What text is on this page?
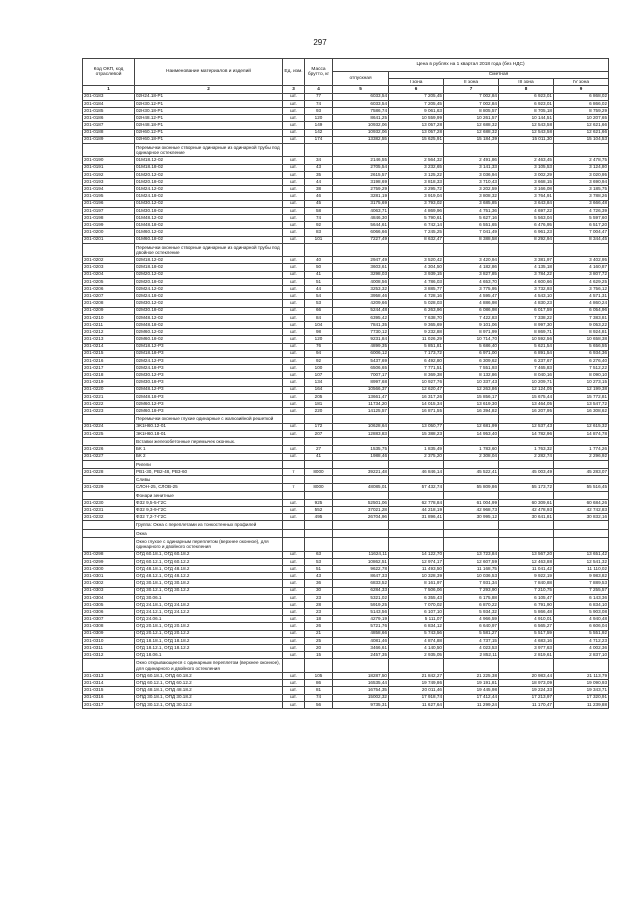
297
Код ОКП, код отраслевой	Наименование материалов и изделий	Ед. изм.	Масса брутто, кг	Цена в рублях на 1 квартал 2018 года (без НДС)				
				отпускная	Сметная			
					I зона	II зона	III зона	IV зона
1	2	3	4	5	6	7	8	9
201-0183	02Н24.18-Р1	шт.	77	6033,54	7 205,45	7 002,84	6 923,01	6 868,02
201-0184	02Н30.12-Р1	шт.	74	6033,54	7 205,45	7 002,84	6 923,01	6 866,02
201-0185	02Н30.18-Р1	шт.	93	7586,74	9 061,63	8 805,57	8 705,18	8 759,29
201-0186	02Н48.12-Р1	шт.	120	8641,25	10 559,99	10 261,57	10 144,51	10 207,65
201-0187	02Н48.18-Р1	шт.	149	10932,06	13 057,28	12 688,32	12 543,58	12 621,66
201-0188	02Н60.12-Р1	шт.	142	10932,06	13 057,28	12 688,32	12 543,58	12 621,66
201-0189	02Н60.18-Р1	шт.	174	13382,55	15 625,91	15 184,39	15 011,30	15 104,53
	Перемычки оконные створные одинарные из одинарной трубы под одинарное остекление							
201-0190	01М18.12-02	шт.	34	2146,55	2 564,32	2 491,86	2 463,45	2 478,75
201-0191	01М18.18-02	шт.	43	2705,54	3 232,65	3 141,33	3 105,53	3 124,80
201-0192	01М20.12-02	шт.	35	2615,57	3 125,22	3 036,94	3 002,29	3 020,95
201-0193	01М20.18-02	шт.	44	3198,69	3 818,33	3 710,43	3 668,15	3 690,94
201-0194	01М24.12-02	шт.	38	2759,29	3 295,72	3 202,59	3 166,08	3 185,75
201-0195	01М24.18-02	шт.	46	3281,19	3 919,04	3 808,32	3 764,91	3 788,26
201-0196	01М30.12-02	шт.	45	3175,69	3 793,02	3 685,85	3 643,84	3 666,48
201-0197	01М30.18-02	шт.	58	4063,71	4 869,96	4 751,36	4 697,22	4 726,39
201-0198	01М48.12-02	шт.	74	4846,30	5 790,61	5 627,16	5 563,04	5 597,60
201-0199	01М48.18-02	шт.	92	5644,61	6 742,14	6 551,65	6 476,95	6 517,20
201-0200	01М60.12-02	шт.	83	6066,66	7 245,25	7 041,49	6 961,23	7 004,47
201-0201	01М60.18-02	шт.	101	7227,49	8 632,47	8 388,58	8 292,94	8 344,45
	Перемычки оконные створные одинарные из одинарной трубы под двойное остекление							
201-0202	02М18.12-02	шт.	40	2947,49	3 520,42	3 420,94	3 381,97	3 402,95
201-0203	02М18.18-02	шт.	50	3603,61	4 304,50	4 182,86	4 135,18	4 160,87
201-0204	02М20.12-02	шт.	41	3298,03	3 939,15	3 827,85	3 784,22	3 807,72
201-0205	02М20.18-02	шт.	51	4008,56	4 786,03	4 653,70	4 600,66	4 629,25
201-0206	02М24.12-02	шт.	44	3253,32	3 885,77	3 775,95	3 732,93	3 756,12
201-0207	02М24.18-02	шт.	54	3958,46	4 728,16	4 595,47	4 543,10	4 571,31
201-0208	02М30.12-02	шт.	53	4209,66	5 028,03	4 886,98	4 830,23	4 860,24
201-0209	02М30.18-02	шт.	66	5244,48	6 263,96	6 086,98	6 017,59	6 054,96
201-0210	02М48.12-02	шт.	84	6395,42	7 638,70	7 422,83	7 338,22	7 383,81
201-0211	02М48.18-02	шт.	104	7841,35	9 365,69	9 101,06	8 997,30	9 053,22
201-0212	02М60.12-02	шт.	98	7730,12	9 232,88	8 971,99	8 869,71	8 924,81
201-0213	02М60.18-02	шт.	120	9231,84	11 026,29	10 714,70	10 592,56	10 658,38
201-0214	02М18.12-Р3	шт.	76	4899,35	5 851,81	5 686,40	5 621,54	5 656,55
201-0215	02М18.18-Р3	шт.	94	6006,12	7 173,72	6 971,00	6 891,54	6 934,36
201-0216	02М24.12-Р3	шт.	92	5437,69	6 492,80	6 309,62	6 237,67	6 276,40
201-0217	02М24.18-Р3	шт.	100	6506,65	7 771,51	7 551,93	7 465,83	7 512,22
201-0218	02М30.12-Р3	шт.	107	7007,17	8 369,38	8 132,86	8 040,16	8 090,10
201-0219	02М30.18-Р3	шт.	134	8997,68	10 927,76	10 337,43	10 209,71	10 273,15
201-0220	02М48.12-Р3	шт.	164	10566,37	12 620,47	12 263,86	12 124,05	12 199,38
201-0221	02М48.18-Р3	шт.	205	13661,47	16 317,26	15 856,17	15 675,44	15 772,81
201-0222	02М60.12-Р3	шт.	181	11734,20	14 015,34	13 619,30	13 464,05	13 547,72
201-0223	02М60.18-Р3	шт.	220	14125,57	16 871,55	16 394,82	16 207,95	16 308,62
	Перемычки оконные глухие одинарные с жалюзийной решеткой							
201-0224	ЭК1Н60.12-01	шт.	172	10628,64	13 050,77	12 681,99	12 537,43	12 615,32
201-0225	ЭК1Н60.18-01	шт.	207	12883,83	15 388,23	14 953,40	14 782,96	14 874,78
	Вставки железобетонные перемычек оконных.							
201-0226	БК 1	шт.	27	1535,75	1 835,49	1 783,60	1 763,32	1 774,26
201-0227	БК 2	шт.	41	1988,46	2 375,20	2 308,04	2 282,74	2 296,92
	Ригели							
201-0228	РВ1-30, РВ2-48, РВ3-60	т	8000	39221,48	46 846,14	45 522,41	45 003,49	45 283,07
	Сливы							
201-0229	СЛОН-25, СЛОВ-25	т	8000	48085,01	57 432,74	55 809,86	55 173,72	55 516,45
	Фонари зенитные							
201-0230	ФЗ2 9,5-5-Г2С	шт.	925	52501,06	62 778,84	61 004,99	60 309,61	60 684,26
201-0231	ФЗ2 9,3-9-Г2С	шт.	552	37021,28	44 218,19	42 968,73	42 478,93	42 742,83
201-0232	ФЗ2 7,2-7-Г2С	шт.	495	26704,96	31 896,41	30 995,12	30 641,81	30 832,16
	Группа: Окна с переплетами из тонкостенных профилей							
	Окна							
	Окно глухое с одинарным переплетом (верхнее оконное), для одинарного и двойного остекления							
201-0298	ОГД 60.18.1, ОГД 60.18.2	шт.	63	11624,11	14 122,70	13 723,84	13 567,20	13 651,42
201-0299	ОГД 60.12.1, ОГД 60.12.2	шт.	53	10862,51	12 974,17	12 607,59	12 463,88	12 541,32
201-0300	ОГД 48.18.1, ОГД 48.18.2	шт.	51	9622,78	11 493,50	11 168,75	11 041,42	11 110,02
201-0301	ОГД 48.12.1, ОГД 48.12.2	шт.	43	8647,33	10 328,39	10 036,53	9 922,19	9 983,82
201-0302	ОГД 30.18.1, ОГД 30.18.2	шт.	36	6833,52	8 161,97	7 931,34	7 840,88	7 889,53
201-0303	ОГД 30.12.1, ОГД 30.12.2	шт.	30	6284,33	7 506,06	7 293,90	7 210,75	7 255,57
201-0304	ОГД 30.06.1	шт.	23	5321,02	6 355,43	6 175,88	6 105,47	6 143,36
201-0305	ОГД 24.18.1, ОГД 24.18.2	шт.	28	5919,25	7 070,02	6 870,22	6 791,90	6 834,10
201-0306	ОГД 24.12.1, ОГД 24.12.2	шт.	23	5143,56	6 107,10	5 934,32	5 866,48	5 903,08
201-0307	ОГД 24.06.1	шт.	18	4279,19	5 111,07	4 966,59	4 910,01	4 940,48
201-0308	ОГД 20.18.1, ОГД 20.18.2	шт.	26	5721,76	6 834,12	6 640,97	6 565,27	6 606,04
201-0309	ОГД 20.12.1, ОГД 20.12.2	шт.	21	4858,66	5 743,56	5 581,27	5 517,59	5 551,92
201-0310	ОГД 18.18.1, ОГД 18.18.2	шт.	25	4081,46	4 874,88	4 737,15	4 683,16	4 712,23
201-0311	ОГД 18.12.1, ОГД 18.12.2	шт.	20	3466,61	4 140,50	4 023,53	3 977,63	4 002,36
201-0312	ОГД 18.06.1	шт.	15	2457,35	2 935,05	2 852,11	2 819,61	2 837,10
	Окно открывающееся с одинарным переплетом (верхнее оконное), для одинарного и двойного остекления							
201-0313	ОПД 60.18.1, ОПД 60.18.2	шт.	105	18287,50	21 842,27	21 225,38	20 983,44	21 113,79
201-0314	ОПД 60.12.1, ОПД 60.12.2	шт.	86	16535,44	19 749,86	19 191,81	18 973,09	19 090,93
201-0315	ОПД 48.18.1, ОПД 48.18.2	шт.	81	16754,35	20 011,46	19 445,98	19 224,33	19 343,71
201-0316	ОПД 30.18.1, ОПД 30.18.2	шт.	74	15002,32	17 918,74	17 412,44	17 213,97	17 320,91
201-0317	ОПД 30.12.1, ОПД 30.12.2	шт.	56	9735,31	11 627,64	11 299,24	11 170,47	11 239,88
